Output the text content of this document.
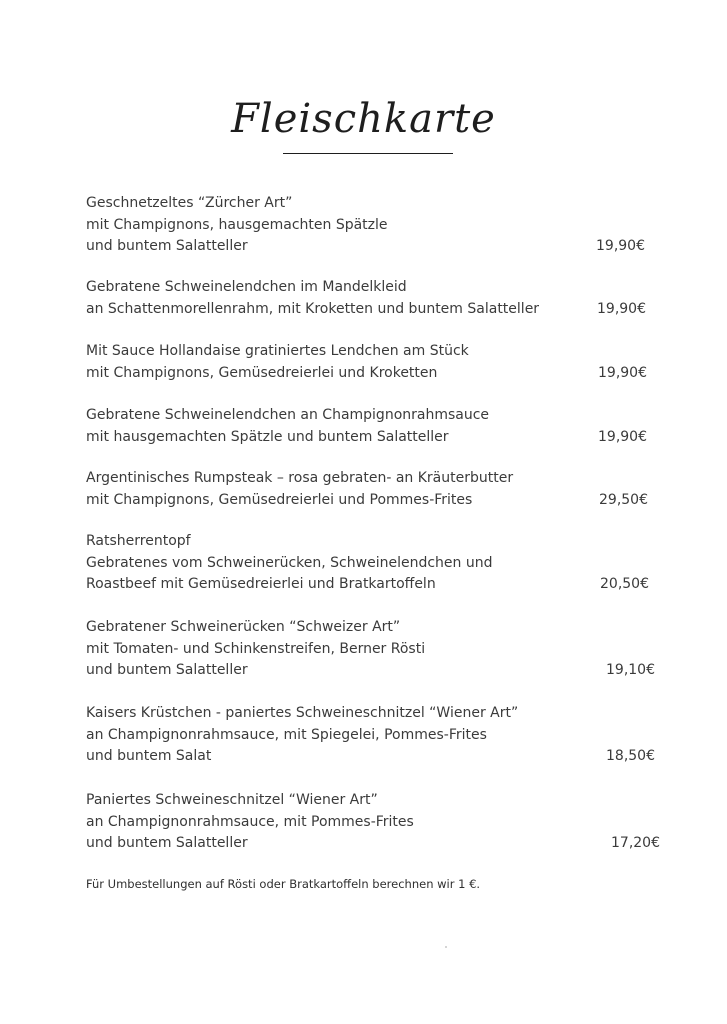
Fleischkarte
Geschnetzeltes “Zürcher Art”
mit Champignons, hausgemachten Spätzle
und buntem Salatteller	19,90€
Gebratene Schweinelendchen im Mandelkleid
an Schattenmorellenrahm, mit Kroketten und buntem Salatteller	19,90€
Mit Sauce Hollandaise gratiniertes Lendchen am Stück
mit Champignons, Gemüsedreierlei und Kroketten	19,90€
Gebratene Schweinelendchen an Champignonrahmsauce
mit hausgemachten Spätzle und buntem Salatteller	19,90€
Argentinisches Rumpsteak – rosa gebraten- an Kräuterbutter
mit Champignons, Gemüsedreierlei und Pommes-Frites	29,50€
Ratsherrentopf
Gebratenes vom Schweinerücken, Schweinelendchen und
Roastbeef mit Gemüsedreierlei und Bratkartoffeln	20,50€
Gebratener Schweinerücken “Schweizer Art”
mit Tomaten- und Schinkenstreifen, Berner Rösti
und buntem Salatteller	19,10€
Kaisers Krüstchen - paniertes Schweineschnitzel “Wiener Art”
an Champignonrahmsauce, mit Spiegelei, Pommes-Frites
und buntem Salat	18,50€
Paniertes Schweineschnitzel “Wiener Art”
an Champignonrahmsauce, mit Pommes-Frites
und buntem Salatteller	17,20€
Für Umbestellungen auf Rösti oder Bratkartoffeln berechnen wir 1 €.
